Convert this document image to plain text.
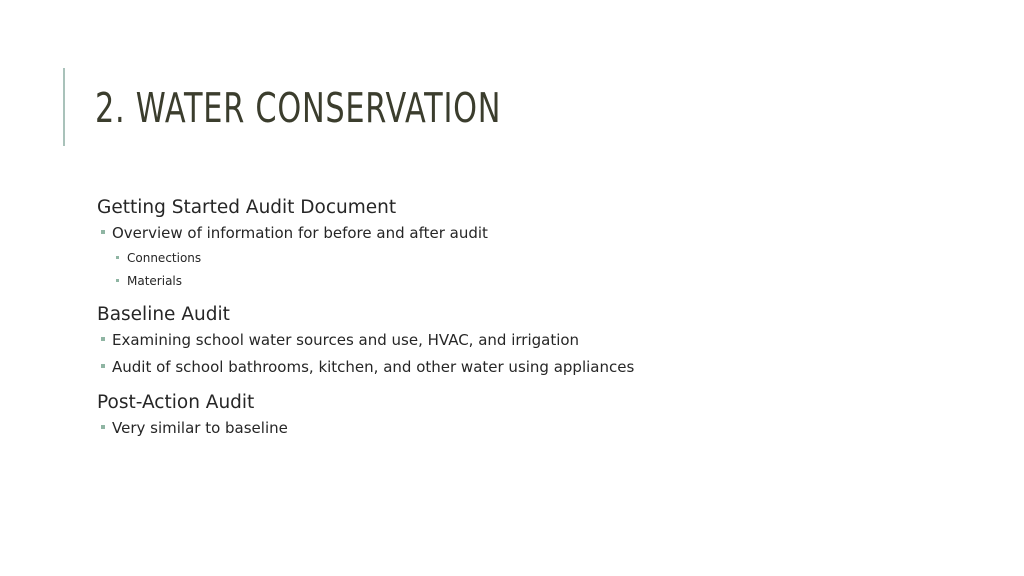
2. WATER CONSERVATION
Getting Started Audit Document
Overview of information for before and after audit
Connections
Materials
Baseline Audit
Examining school water sources and use, HVAC, and irrigation
Audit of school bathrooms, kitchen, and other water using appliances
Post-Action Audit
Very similar to baseline
